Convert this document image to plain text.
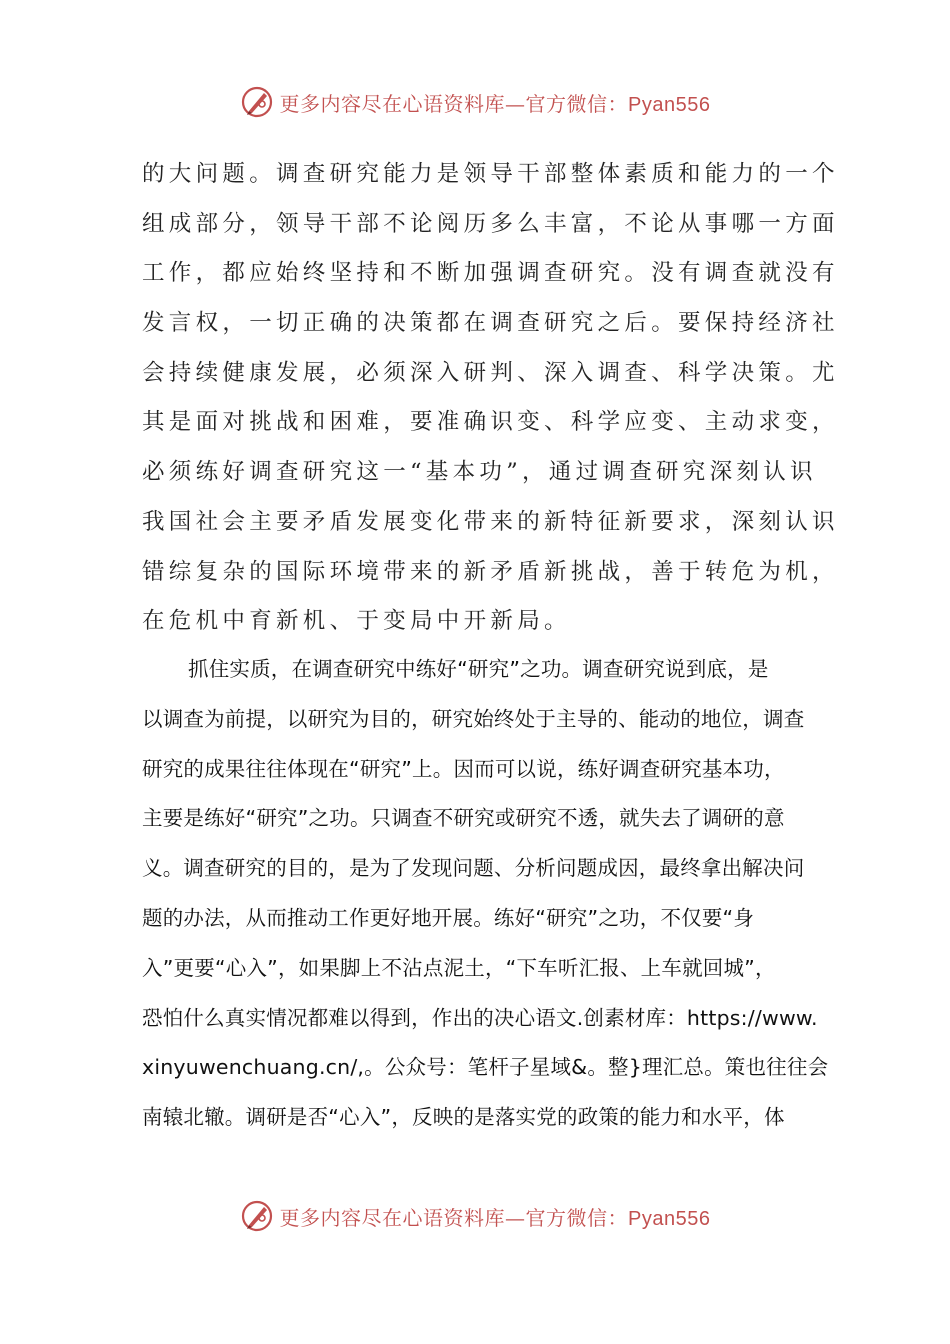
更多内容尽在心语资料库—官方微信：Pyan556
的大问题。调查研究能力是领导干部整体素质和能力的一个
组成部分，领导干部不论阅历多么丰富，不论从事哪一方面
工作，都应始终坚持和不断加强调查研究。没有调查就没有
发言权，一切正确的决策都在调查研究之后。要保持经济社
会持续健康发展，必须深入研判、深入调查、科学决策。尤
其是面对挑战和困难，要准确识变、科学应变、主动求变，
必须练好调查研究这一“基本功”，通过调查研究深刻认识
我国社会主要矛盾发展变化带来的新特征新要求，深刻认识
错综复杂的国际环境带来的新矛盾新挑战，善于转危为机，
在危机中育新机、于变局中开新局。
抓住实质，在调查研究中练好“研究”之功。调查研究说到底，是
以调查为前提，以研究为目的，研究始终处于主导的、能动的地位，调查
研究的成果往往体现在“研究”上。因而可以说，练好调查研究基本功，
主要是练好“研究”之功。只调查不研究或研究不透，就失去了调研的意
义。调查研究的目的，是为了发现问题、分析问题成因，最终拿出解决问
题的办法，从而推动工作更好地开展。练好“研究”之功，不仅要“身
入”更要“心入”，如果脚上不沾点泥土，“下车听汇报、上车就回城”，
恐怕什么真实情况都难以得到，作出的决心语文.创素材库：https://www.
xinyuwenchuang.cn/,。公众号：笔杆子星域&。整}理汇总。策也往往会
南辕北辙。调研是否“心入”，反映的是落实党的政策的能力和水平，体
更多内容尽在心语资料库—官方微信：Pyan556
